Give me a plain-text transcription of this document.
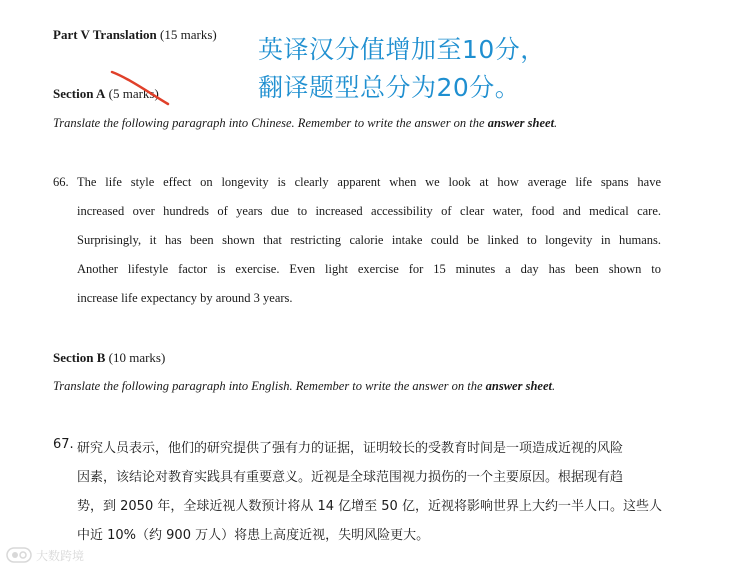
Part V Translation (15 marks)
英译汉分值增加至10分，
翻译题型总分为20分。
Section A (5 marks)
Translate the following paragraph into Chinese. Remember to write the answer on the answer sheet.
66. The life style effect on longevity is clearly apparent when we look at how average life spans have
increased over hundreds of years due to increased accessibility of clear water, food and medical care.
Surprisingly, it has been shown that restricting calorie intake could be linked to longevity in humans.
Another lifestyle factor is exercise. Even light exercise for 15 minutes a day has been shown to
increase life expectancy by around 3 years.
Section B (10 marks)
Translate the following paragraph into English. Remember to write the answer on the answer sheet.
67. 研究人员表示，他们的研究提供了强有力的证据，证明较长的受教育时间是一项造成近视的风险
因素，该结论对教育实践具有重要意义。近视是全球范围视力损伤的一个主要原因。根据现有趋
势，到 2050 年，全球近视人数预计将从 14 亿增至 50 亿，近视将影响世界上大约一半人口。这些人
中近 10%（约 900 万人）将患上高度近视，失明风险更大。
大数跨境
